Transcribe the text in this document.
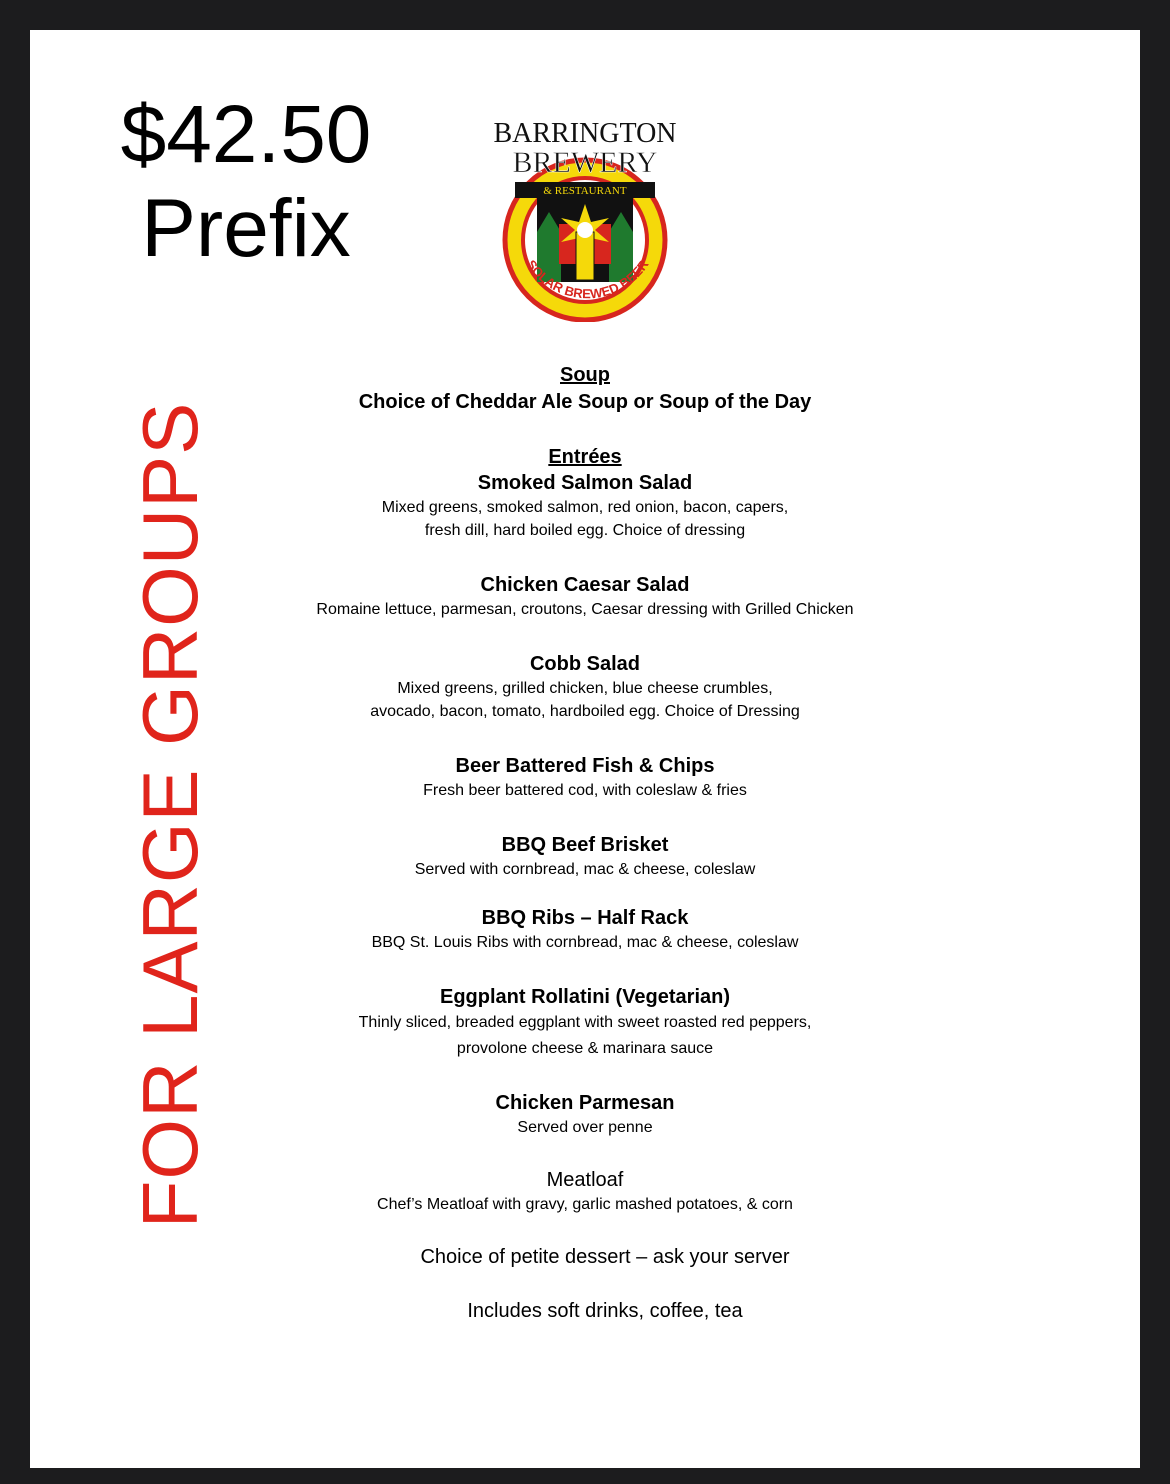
$42.50
Prefix	& RESTAURANT
BARRINGTON
BREWERY
SOLAR BREWED BEER
FOR LARGE GROUPS
Soup
Choice of Cheddar Ale Soup or Soup of the Day
Entrées
Smoked Salmon Salad
Mixed greens, smoked salmon, red onion, bacon, capers,
fresh dill, hard boiled egg. Choice of dressing
Chicken Caesar Salad
Romaine lettuce, parmesan, croutons, Caesar dressing with Grilled Chicken
Cobb Salad
Mixed greens, grilled chicken, blue cheese crumbles,
avocado, bacon, tomato, hardboiled egg. Choice of Dressing
Beer Battered Fish & Chips
Fresh beer battered cod, with coleslaw & fries
BBQ Beef Brisket
Served with cornbread, mac & cheese, coleslaw
BBQ Ribs – Half Rack
BBQ St. Louis Ribs with cornbread, mac & cheese, coleslaw
Eggplant Rollatini (Vegetarian)
Thinly sliced, breaded eggplant with sweet roasted red peppers,
provolone cheese & marinara sauce
Chicken Parmesan
Served over penne
Meatloaf
Chef’s Meatloaf with gravy, garlic mashed potatoes, & corn
Choice of petite dessert – ask your server
Includes soft drinks, coffee, tea
